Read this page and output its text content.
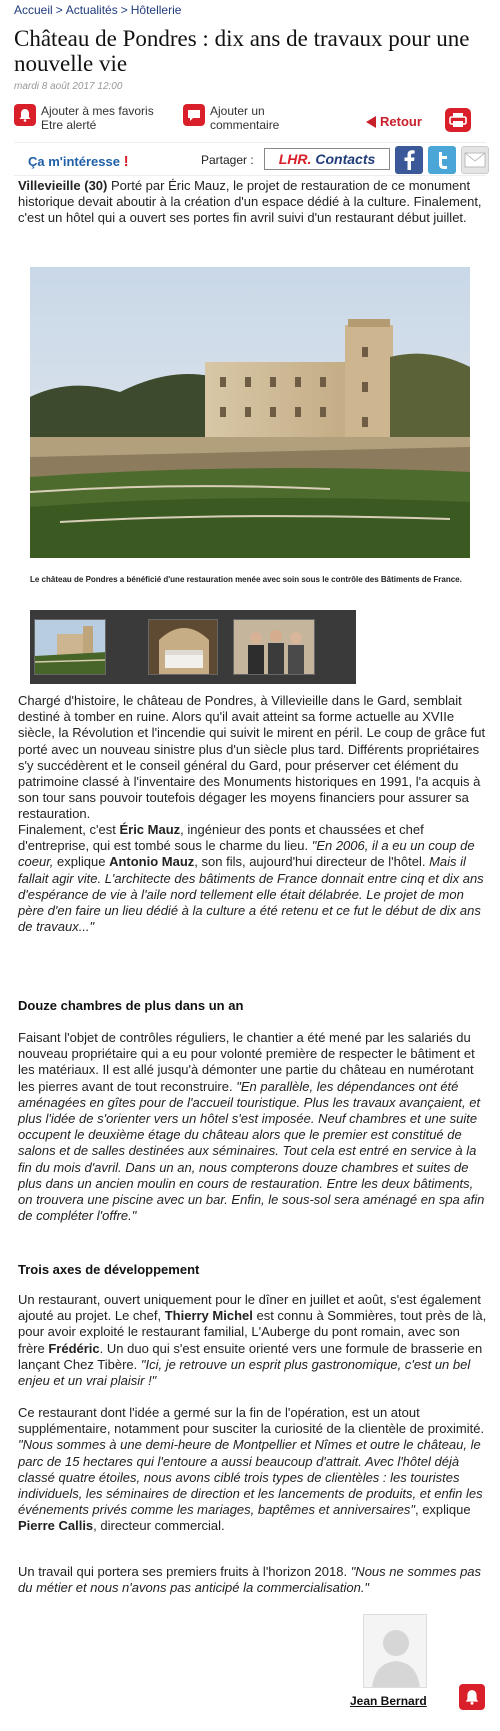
Accueil > Actualités > Hôtellerie
Château de Pondres : dix ans de travaux pour une nouvelle vie
mardi 8 août 2017 12:00
Ajouter à mes favoris
Etre alerté
Ajouter un
commentaire	Retour
Ça m'intéresse !	Partager : LHR. Contacts

Villevieille (30) Porté par Éric Mauz, le projet de restauration de ce monument historique devait aboutir à la création d'un espace dédié à la culture. Finalement, c'est un hôtel qui a ouvert ses portes fin avril suivi d'un restaurant début juillet.

Le château de Pondres a bénéficié d'une restauration menée avec soin sous le contrôle des Bâtiments de France.

Chargé d'histoire, le château de Pondres, à Villevieille dans le Gard, semblait destiné à tomber en ruine. Alors qu'il avait atteint sa forme actuelle au XVIIe siècle, la Révolution et l'incendie qui suivit le mirent en péril. Le coup de grâce fut porté avec un nouveau sinistre plus d'un siècle plus tard. Différents propriétaires s'y succédèrent et le conseil général du Gard, pour préserver cet élément du patrimoine classé à l'inventaire des Monuments historiques en 1991, l'a acquis à son tour sans pouvoir toutefois dégager les moyens financiers pour assurer sa restauration.

Finalement, c'est Éric Mauz, ingénieur des ponts et chaussées et chef d'entreprise, qui est tombé sous le charme du lieu. "En 2006, il a eu un coup de coeur, explique Antonio Mauz, son fils, aujourd'hui directeur de l'hôtel. Mais il fallait agir vite. L'architecte des bâtiments de France donnait entre cinq et dix ans d'espérance de vie à l'aile nord tellement elle était délabrée. Le projet de mon père d'en faire un lieu dédié à la culture a été retenu et ce fut le début de dix ans de travaux..."

Douze chambres de plus dans un an

Faisant l'objet de contrôles réguliers, le chantier a été mené par les salariés du nouveau propriétaire qui a eu pour volonté première de respecter le bâtiment et les matériaux. Il est allé jusqu'à démonter une partie du château en numérotant les pierres avant de tout reconstruire. "En parallèle, les dépendances ont été aménagées en gîtes pour de l'accueil touristique. Plus les travaux avançaient, et plus l'idée de s'orienter vers un hôtel s'est imposée. Neuf chambres et une suite occupent le deuxième étage du château alors que le premier est constitué de salons et de salles destinées aux séminaires. Tout cela est entré en service à la fin du mois d'avril. Dans un an, nous compterons douze chambres et suites de plus dans un ancien moulin en cours de restauration. Entre les deux bâtiments, on trouvera une piscine avec un bar. Enfin, le sous-sol sera aménagé en spa afin de compléter l'offre."

Trois axes de développement

Un restaurant, ouvert uniquement pour le dîner en juillet et août, s'est également ajouté au projet. Le chef, Thierry Michel est connu à Sommières, tout près de là, pour avoir exploité le restaurant familial, L'Auberge du pont romain, avec son frère Frédéric. Un duo qui s'est ensuite orienté vers une formule de brasserie en lançant Chez Tibère. "Ici, je retrouve un esprit plus gastronomique, c'est un bel enjeu et un vrai plaisir !"

Ce restaurant dont l'idée a germé sur la fin de l'opération, est un atout supplémentaire, notamment pour susciter la curiosité de la clientèle de proximité. "Nous sommes à une demi-heure de Montpellier et Nîmes et outre le château, le parc de 15 hectares qui l'entoure a aussi beaucoup d'attrait. Avec l'hôtel déjà classé quatre étoiles, nous avons ciblé trois types de clientèles : les touristes individuels, les séminaires de direction et les lancements de produits, et enfin les événements privés comme les mariages, baptêmes et anniversaires", explique Pierre Callis, directeur commercial.

Un travail qui portera ses premiers fruits à l'horizon 2018. "Nous ne sommes pas du métier et nous n'avons pas anticipé la commercialisation."

Jean Bernard
